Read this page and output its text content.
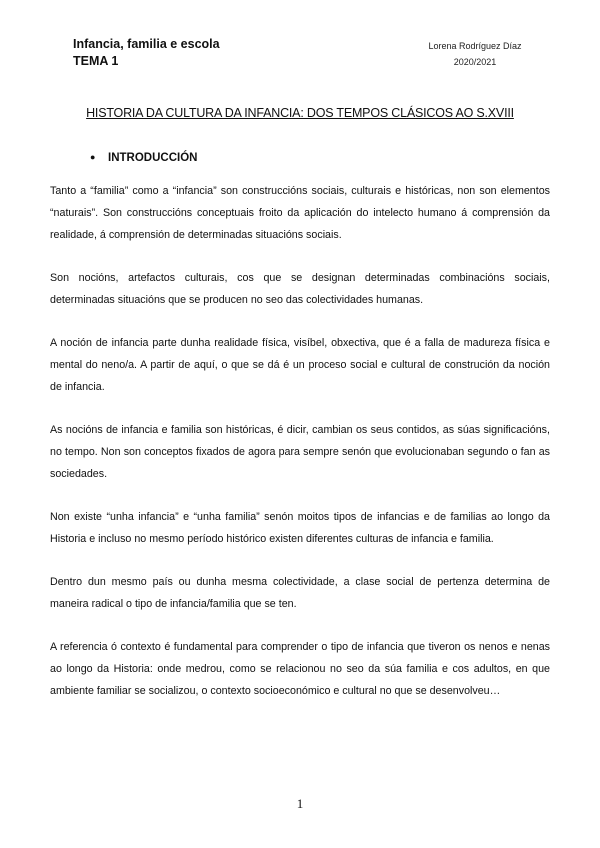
Infancia, familia e escola
TEMA 1
Lorena Rodríguez Díaz
2020/2021
HISTORIA DA CULTURA DA INFANCIA: DOS TEMPOS CLÁSICOS AO S.XVIII
● INTRODUCCIÓN

Tanto a “familia” como a “infancia” son construccións sociais, culturais e históricas, non son elementos “naturais”. Son construccións conceptuais froito da aplicación do intelecto humano á comprensión da realidade, á comprensión de determinadas situacións sociais.

Son nocións, artefactos culturais, cos que se designan determinadas combinacións sociais, determinadas situacións que se producen no seo das colectividades humanas.

A noción de infancia parte dunha realidade física, visíbel, obxectiva, que é a falla de madureza física e mental do neno/a. A partir de aquí, o que se dá é un proceso social e cultural de construción da noción de infancia.

As nocións de infancia e familia son históricas, é dicir, cambian os seus contidos, as súas significacións, no tempo. Non son conceptos fixados de agora para sempre senón que evolucionaban segundo o fan as sociedades.

Non existe “unha infancia” e “unha familia” senón moitos tipos de infancias e de familias ao longo da Historia e incluso no mesmo período histórico existen diferentes culturas de infancia e familia.

Dentro dun mesmo país ou dunha mesma colectividade, a clase social de pertenza determina de maneira radical o tipo de infancia/familia que se ten.

A referencia ó contexto é fundamental para comprender o tipo de infancia que tiveron os nenos e nenas ao longo da Historia: onde medrou, como se relacionou no seo da súa familia e cos adultos, en que ambiente familiar se socializou, o contexto socioeconómico e cultural no que se desenvolveu…

1
